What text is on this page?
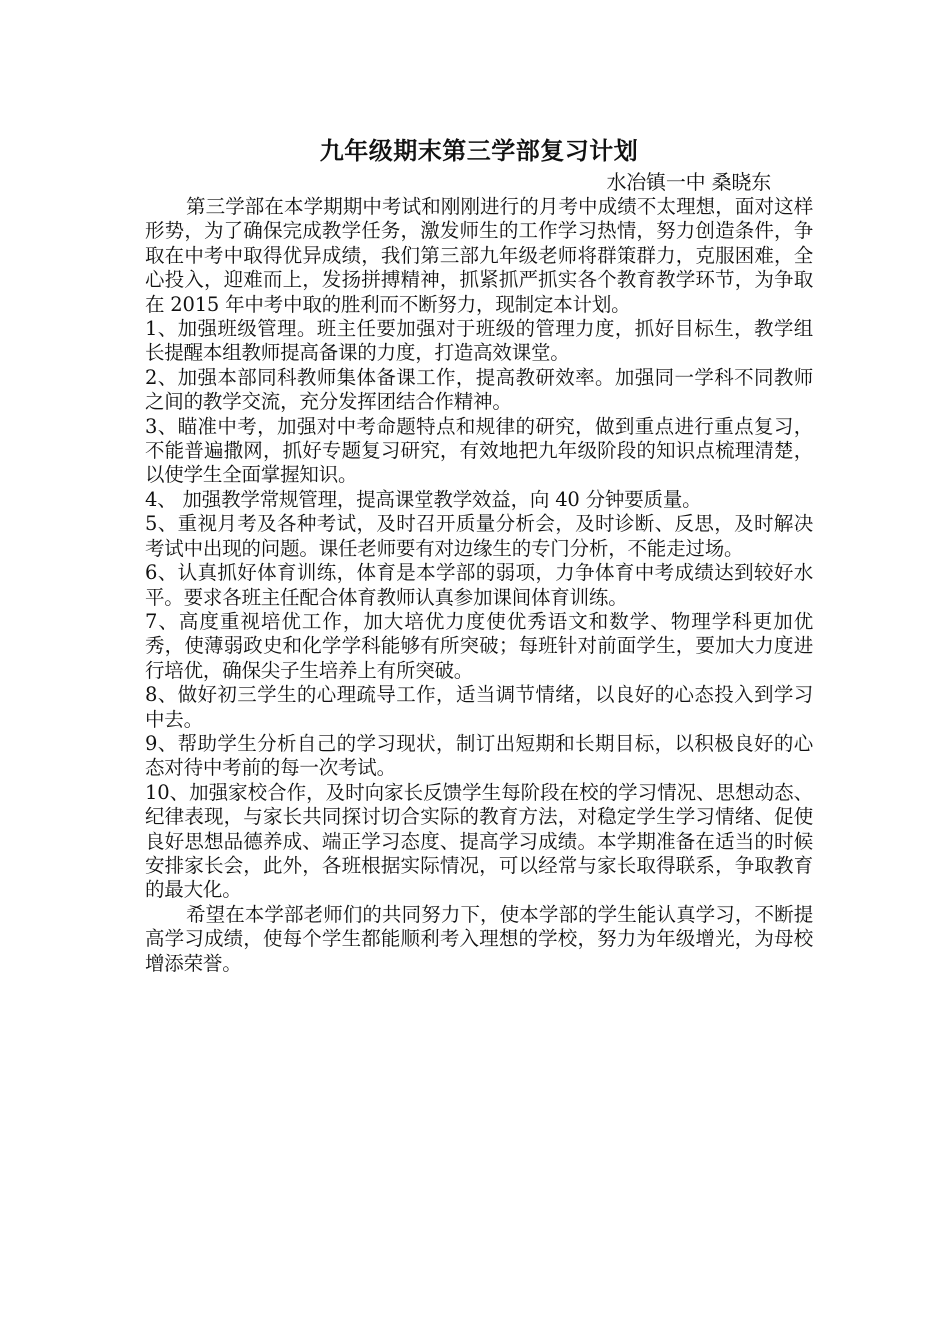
九年级期末第三学部复习计划

水冶镇一中 桑晓东

第三学部在本学期期中考试和刚刚进行的月考中成绩不太理想，面对这样形势，为了确保完成教学任务，激发师生的工作学习热情，努力创造条件，争取在中考中取得优异成绩，我们第三部九年级老师将群策群力，克服困难，全心投入，迎难而上，发扬拼搏精神，抓紧抓严抓实各个教育教学环节，为争取在 2015 年中考中取的胜利而不断努力，现制定本计划。

1、加强班级管理。班主任要加强对于班级的管理力度，抓好目标生，教学组长提醒本组教师提高备课的力度，打造高效课堂。

2、加强本部同科教师集体备课工作，提高教研效率。加强同一学科不同教师之间的教学交流，充分发挥团结合作精神。

3、瞄准中考，加强对中考命题特点和规律的研究，做到重点进行重点复习，不能普遍撒网，抓好专题复习研究，有效地把九年级阶段的知识点梳理清楚，以使学生全面掌握知识。

4、 加强教学常规管理，提高课堂教学效益，向 40 分钟要质量。

5、重视月考及各种考试，及时召开质量分析会，及时诊断、反思，及时解决考试中出现的问题。课任老师要有对边缘生的专门分析，不能走过场。

6、认真抓好体育训练，体育是本学部的弱项，力争体育中考成绩达到较好水平。要求各班主任配合体育教师认真参加课间体育训练。

7、高度重视培优工作，加大培优力度使优秀语文和数学、物理学科更加优秀，使薄弱政史和化学学科能够有所突破；每班针对前面学生，要加大力度进行培优，确保尖子生培养上有所突破。

8、做好初三学生的心理疏导工作，适当调节情绪，以良好的心态投入到学习中去。

9、帮助学生分析自己的学习现状，制订出短期和长期目标，以积极良好的心态对待中考前的每一次考试。

10、加强家校合作，及时向家长反馈学生每阶段在校的学习情况、思想动态、纪律表现，与家长共同探讨切合实际的教育方法，对稳定学生学习情绪、促使良好思想品德养成、端正学习态度、提高学习成绩。本学期准备在适当的时候安排家长会，此外，各班根据实际情况，可以经常与家长取得联系，争取教育的最大化。

希望在本学部老师们的共同努力下，使本学部的学生能认真学习，不断提高学习成绩，使每个学生都能顺利考入理想的学校，努力为年级增光，为母校增添荣誉。
